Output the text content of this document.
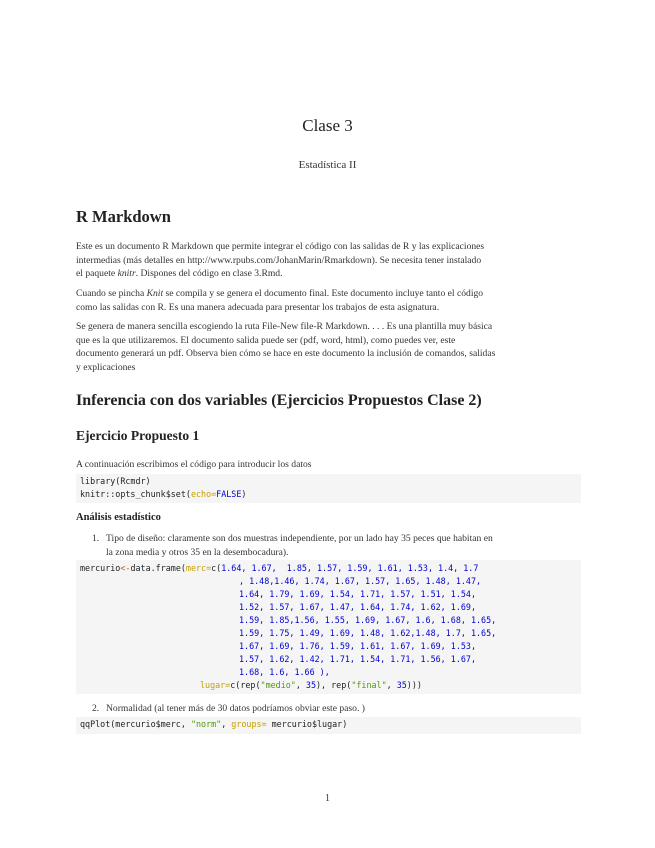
Clase 3
Estadística II
R Markdown
Este es un documento R Markdown que permite integrar el código con las salidas de R y las explicaciones
intermedias (más detalles en http://www.rpubs.com/JohanMarin/Rmarkdown). Se necesita tener instalado
el paquete knitr. Dispones del código en clase 3.Rmd.
Cuando se pincha Knit se compila y se genera el documento final. Este documento incluye tanto el código
como las salidas con R. Es una manera adecuada para presentar los trabajos de esta asignatura.
Se genera de manera sencilla escogiendo la ruta File-New file-R Markdown. . . . Es una plantilla muy básica
que es la que utilizaremos. El documento salida puede ser (pdf, word, html), como puedes ver, este
documento generará un pdf. Observa bien cómo se hace en este documento la inclusión de comandos, salidas
y explicaciones
Inferencia con dos variables (Ejercicios Propuestos Clase 2)
Ejercicio Propuesto 1
A continuación escribimos el código para introducir los datos
library(Rcmdr)
knitr::opts_chunk$set(echo=FALSE)
Análisis estadístico
1. Tipo de diseño: claramente son dos muestras independiente, por un lado hay 35 peces que habitan en
la zona media y otros 35 en la desembocadura).
mercurio<-data.frame(merc=c(1.64, 1.67,  1.85, 1.57, 1.59, 1.61, 1.53, 1.4, 1.7
, 1.48,1.46, 1.74, 1.67, 1.57, 1.65, 1.48, 1.47,
1.64, 1.79, 1.69, 1.54, 1.71, 1.57, 1.51, 1.54,
1.52, 1.57, 1.67, 1.47, 1.64, 1.74, 1.62, 1.69,
1.59, 1.85,1.56, 1.55, 1.69, 1.67, 1.6, 1.68, 1.65,
1.59, 1.75, 1.49, 1.69, 1.48, 1.62,1.48, 1.7, 1.65,
1.67, 1.69, 1.76, 1.59, 1.61, 1.67, 1.69, 1.53,
1.57, 1.62, 1.42, 1.71, 1.54, 1.71, 1.56, 1.67,
1.68, 1.6, 1.66 ),
lugar=c(rep("medio", 35), rep("final", 35)))
2. Normalidad (al tener más de 30 datos podríamos obviar este paso. )
qqPlot(mercurio$merc, "norm", groups= mercurio$lugar)
1
